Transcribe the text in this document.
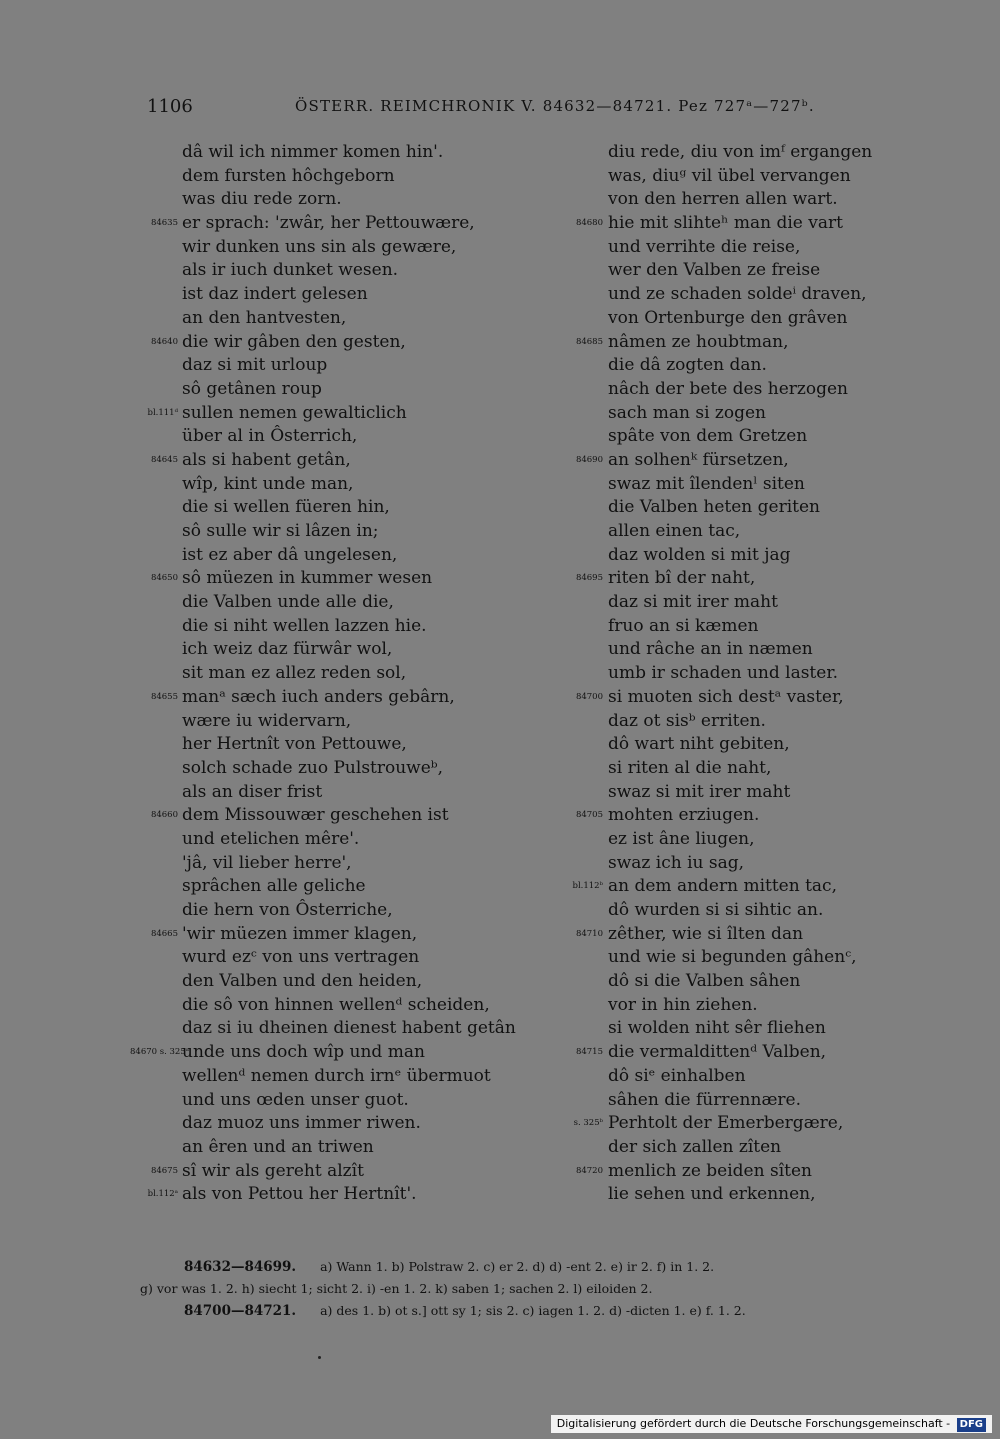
1106	ÖSTERR. REIMCHRONIK V. 84632—84721. Pez 727ᵃ—727ᵇ.
dâ wil ich nimmer komen hin'.
dem fursten hôchgeborn
was diu rede zorn.
84635 er sprach: 'zwâr, her Pettouwære,
wir dunken uns sin als gewære,
als ir iuch dunket wesen.
ist daz indert gelesen
an den hantvesten,
84640 die wir gâben den gesten,
daz si mit urloup
sô getânen roup
bl.111ᵈ sullen nemen gewalticlich
über al in Ôsterrich,
84645 als si habent getân,
wîp, kint unde man,
die si wellen füeren hin,
sô sulle wir si lâzen in;
ist ez aber dâ ungelesen,
84650 sô müezen in kummer wesen
die Valben unde alle die,
die si niht wellen lazzen hie.
ich weiz daz fürwâr wol,
sit man ez allez reden sol,
84655 manᵃ sæch iuch anders gebârn,
wære iu widervarn,
her Hertnît von Pettouwe,
solch schade zuo Pulstrouweᵇ,
als an diser frist
84660 dem Missouwær geschehen ist
und etelichen mêre'.
'jâ, vil lieber herre',
sprâchen alle geliche
die hern von Ôsterriche,
84665 'wir müezen immer klagen,
wurd ezᶜ von uns vertragen
den Valben und den heiden,
die sô von hinnen wellenᵈ scheiden,
daz si iu dheinen dienest habent getân
84670 s. 325ᵃ
unde uns doch wîp und man
wellenᵈ nemen durch irnᵉ übermuot
und uns œden unser guot.
daz muoz uns immer riwen.
an êren und an triwen
84675 sî wir als gereht alzît
bl.112ᵃ als von Pettou her Hertnît'.
diu rede, diu von imᶠ ergangen
was, diuᵍ vil übel vervangen
von den herren allen wart.
84680 hie mit slihteʰ man die vart
und verrihte die reise,
wer den Valben ze freise
und ze schaden soldeⁱ draven,
von Ortenburge den grâven
84685 nâmen ze houbtman,
die dâ zogten dan.
nâch der bete des herzogen
sach man si zogen
spâte von dem Gretzen
84690 an solhenᵏ fürsetzen,
swaz mit îlendenˡ siten
die Valben heten geriten
allen einen tac,
daz wolden si mit jag
84695 riten bî der naht,
daz si mit irer maht
fruo an si kæmen
und râche an in næmen
umb ir schaden und laster.
84700 si muoten sich destᵃ vaster,
daz ot sisᵇ erriten.
dô wart niht gebiten,
si riten al die naht,
swaz si mit irer maht
84705 mohten erziugen.
ez ist âne liugen,
swaz ich iu sag,
bl.112ᵇ an dem andern mitten tac,
dô wurden si si sihtic an.
84710 zêther, wie si îlten dan
und wie si begunden gâhenᶜ,
dô si die Valben sâhen
vor in hin ziehen.
si wolden niht sêr fliehen
84715 die vermaldittenᵈ Valben,
dô siᵉ einhalben
sâhen die fürrennære.
s. 325ᵇ Perhtolt der Emerbergære,
der sich zallen zîten
84720 menlich ze beiden sîten
lie sehen und erkennen,
84632—84699. a) Wann 1. b) Polstraw 2. c) er 2. d) d) -ent 2. e) ir 2. f) in 1. 2.
g) vor was 1. 2. h) siecht 1; sicht 2. i) -en 1. 2. k) saben 1; sachen 2. l) eiloiden 2.
84700—84721. a) des 1. b) ot s.] ott sy 1; sis 2. c) iagen 1. 2. d) -dicten 1. e) f. 1. 2.
Digitalisierung gefördert durch die Deutsche Forschungsgemeinschaft - DFG
